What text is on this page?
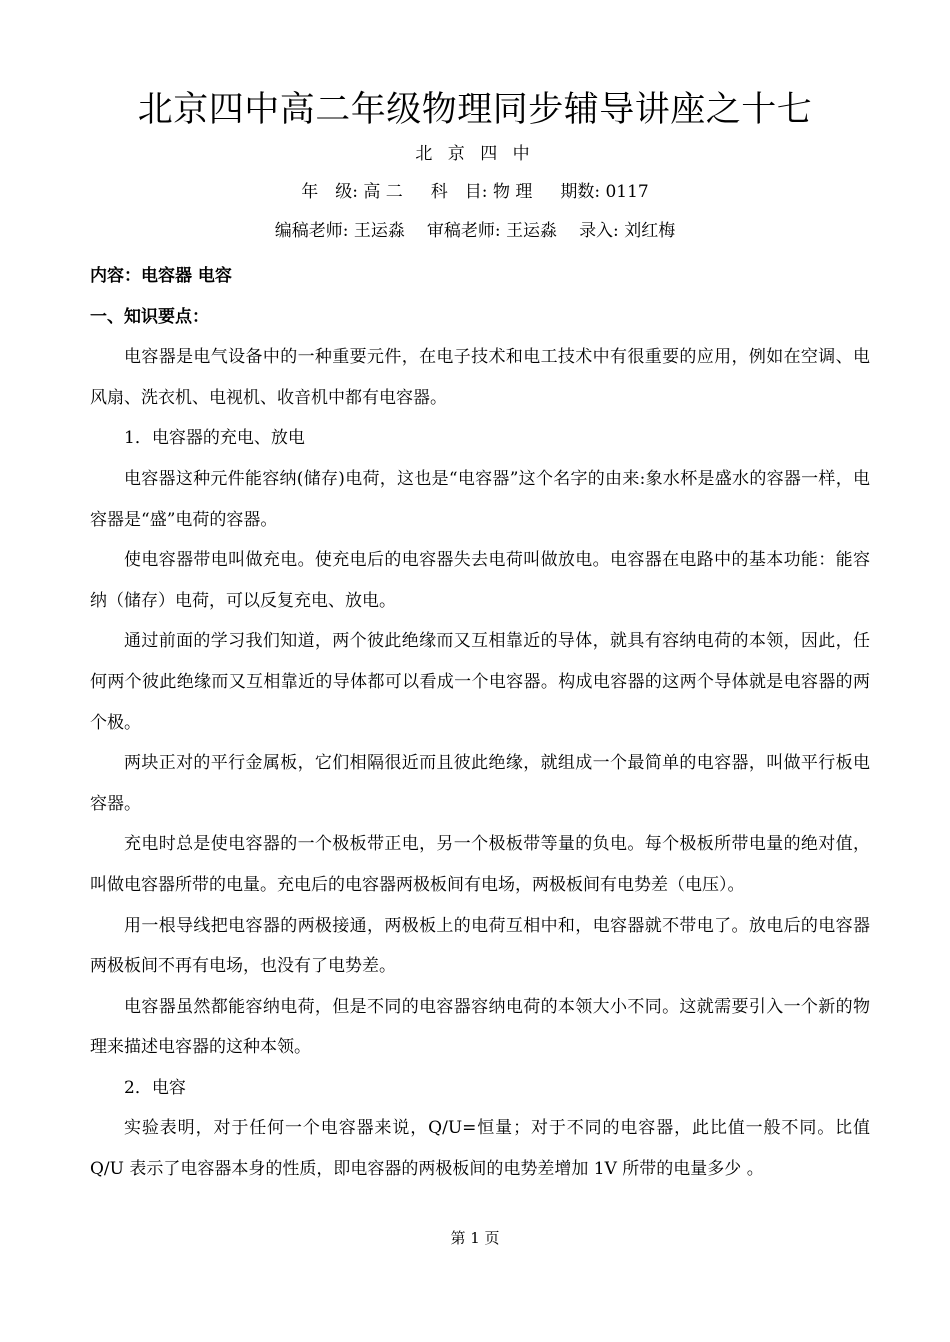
北京四中高二年级物理同步辅导讲座之十七
北 京 四 中
年　级: 高 二 科　目: 物 理 期数: 0117
编稿老师: 王运淼 审稿老师: 王运淼 录入: 刘红梅

内容：电容器 电容

一、知识要点：

电容器是电气设备中的一种重要元件，在电子技术和电工技术中有很重要的应用，例如在空调、电风扇、洗衣机、电视机、收音机中都有电容器。

1．电容器的充电、放电

电容器这种元件能容纳(储存)电荷，这也是“电容器”这个名字的由来:象水杯是盛水的容器一样，电容器是“盛”电荷的容器。

使电容器带电叫做充电。使充电后的电容器失去电荷叫做放电。电容器在电路中的基本功能：能容纳（储存）电荷，可以反复充电、放电。

通过前面的学习我们知道，两个彼此绝缘而又互相靠近的导体，就具有容纳电荷的本领，因此，任何两个彼此绝缘而又互相靠近的导体都可以看成一个电容器。构成电容器的这两个导体就是电容器的两个极。

两块正对的平行金属板，它们相隔很近而且彼此绝缘，就组成一个最简单的电容器，叫做平行板电容器。

充电时总是使电容器的一个极板带正电，另一个极板带等量的负电。每个极板所带电量的绝对值，叫做电容器所带的电量。充电后的电容器两极板间有电场，两极板间有电势差（电压）。

用一根导线把电容器的两极接通，两极板上的电荷互相中和，电容器就不带电了。放电后的电容器两极板间不再有电场，也没有了电势差。

电容器虽然都能容纳电荷，但是不同的电容器容纳电荷的本领大小不同。这就需要引入一个新的物理来描述电容器的这种本领。

2．电容

实验表明，对于任何一个电容器来说，Q/U=恒量；对于不同的电容器，此比值一般不同。比值 Q/U 表示了电容器本身的性质，即电容器的两极板间的电势差增加 1V 所带的电量多少 。

第 1 页
